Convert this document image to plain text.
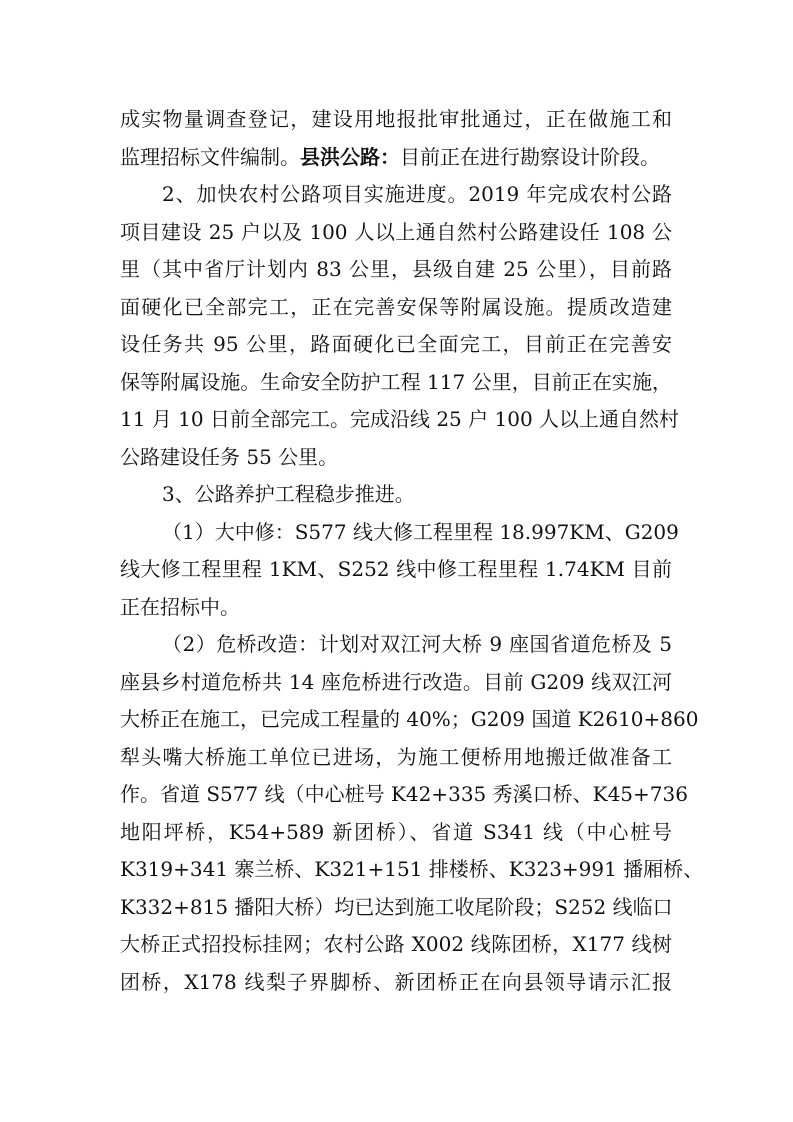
成实物量调查登记，建设用地报批审批通过，正在做施工和
监理招标文件编制。县洪公路：目前正在进行勘察设计阶段。
2、加快农村公路项目实施进度。2019 年完成农村公路
项目建设 25 户以及 100 人以上通自然村公路建设任 108 公
里（其中省厅计划内 83 公里，县级自建 25 公里），目前路
面硬化已全部完工，正在完善安保等附属设施。提质改造建
设任务共 95 公里，路面硬化已全面完工，目前正在完善安
保等附属设施。生命安全防护工程 117 公里，目前正在实施，
11 月 10 日前全部完工。完成沿线 25 户 100 人以上通自然村
公路建设任务 55 公里。
3、公路养护工程稳步推进。
（1）大中修：S577 线大修工程里程 18.997KM、G209
线大修工程里程 1KM、S252 线中修工程里程 1.74KM 目前
正在招标中。
（2）危桥改造：计划对双江河大桥 9 座国省道危桥及 5
座县乡村道危桥共 14 座危桥进行改造。目前 G209 线双江河
大桥正在施工，已完成工程量的 40%；G209 国道 K2610+860
犁头嘴大桥施工单位已进场，为施工便桥用地搬迁做准备工
作。省道 S577 线（中心桩号 K42+335 秀溪口桥、K45+736
地阳坪桥，K54+589 新团桥）、省道 S341 线（中心桩号
K319+341 寨兰桥、K321+151 排楼桥、K323+991 播厢桥、
K332+815 播阳大桥）均已达到施工收尾阶段；S252 线临口
大桥正式招投标挂网；农村公路 X002 线陈团桥，X177 线树
团桥，X178 线梨子界脚桥、新团桥正在向县领导请示汇报
